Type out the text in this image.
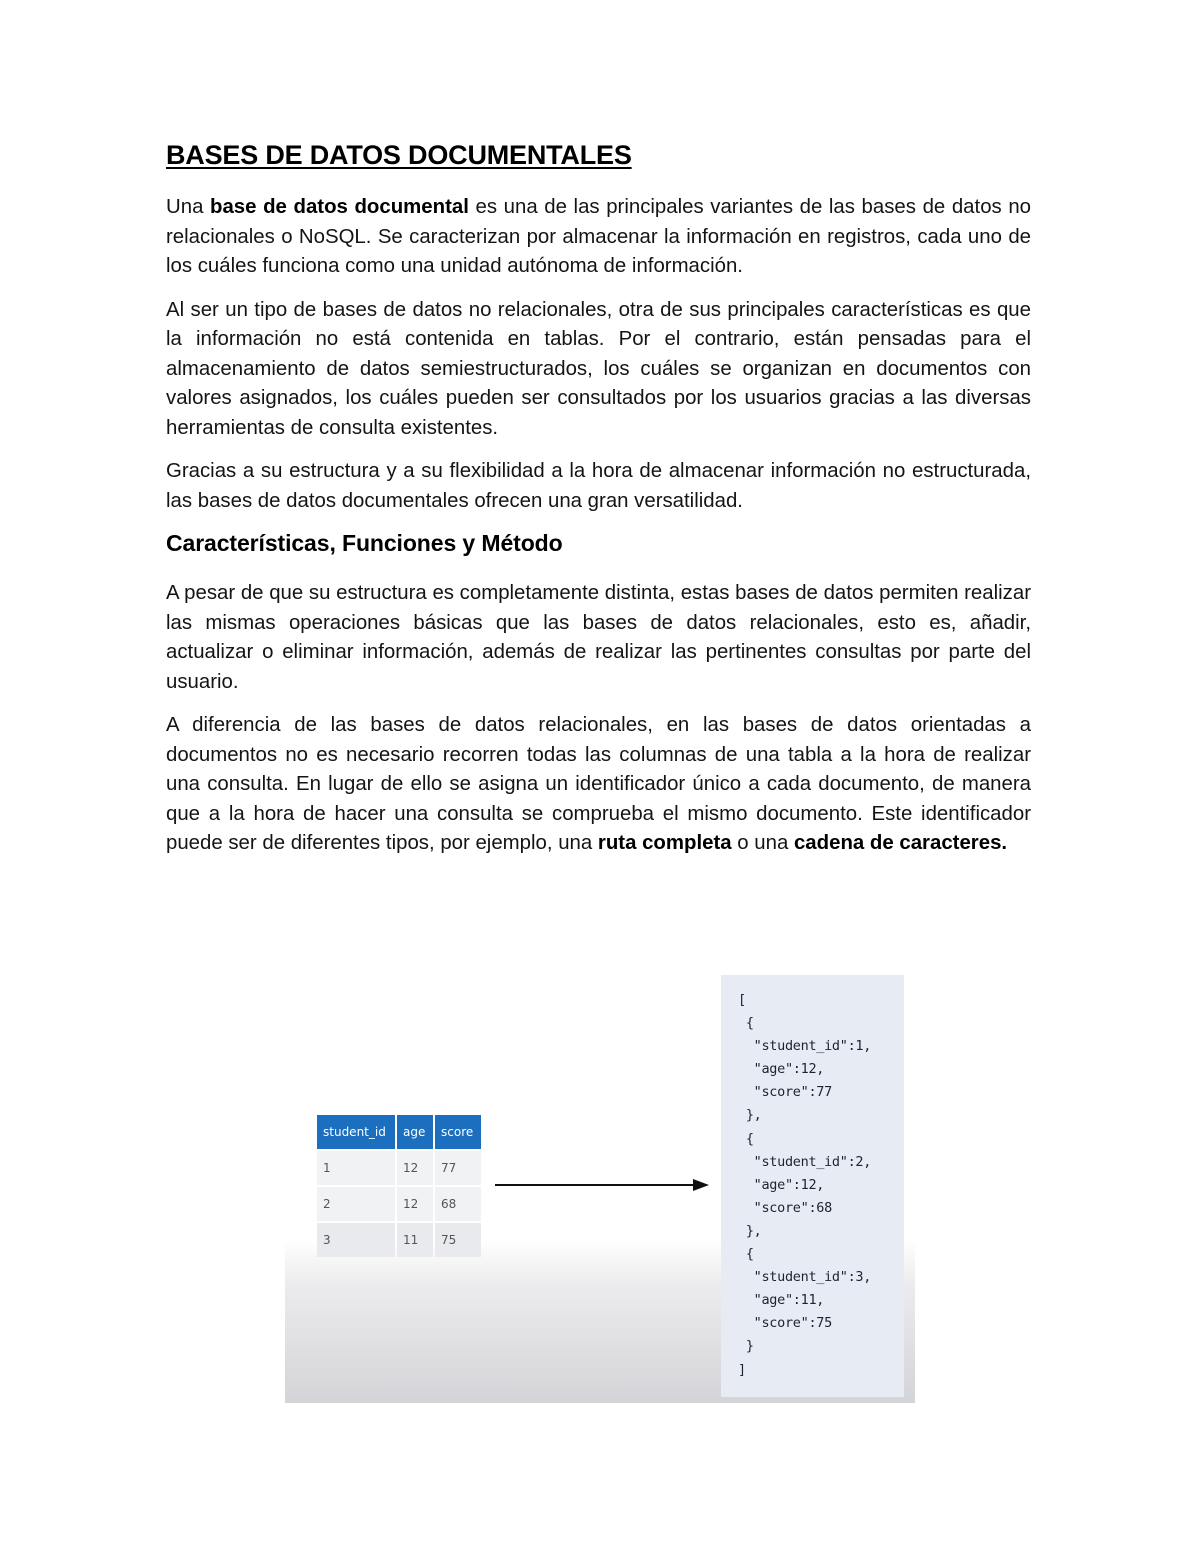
BASES DE DATOS DOCUMENTALES

Una base de datos documental es una de las principales variantes de las bases de datos no relacionales o NoSQL. Se caracterizan por almacenar la información en registros, cada uno de los cuáles funciona como una unidad autónoma de información.

Al ser un tipo de bases de datos no relacionales, otra de sus principales características es que la información no está contenida en tablas. Por el contrario, están pensadas para el almacenamiento de datos semiestructurados, los cuáles se organizan en documentos con valores asignados, los cuáles pueden ser consultados por los usuarios gracias a las diversas herramientas de consulta existentes.

Gracias a su estructura y a su flexibilidad a la hora de almacenar información no estructurada, las bases de datos documentales ofrecen una gran versatilidad.

Características, Funciones y Método

A pesar de que su estructura es completamente distinta, estas bases de datos permiten realizar las mismas operaciones básicas que las bases de datos relacionales, esto es, añadir, actualizar o eliminar información, además de realizar las pertinentes consultas por parte del usuario.

A diferencia de las bases de datos relacionales, en las bases de datos orientadas a documentos no es necesario recorren todas las columnas de una tabla a la hora de realizar una consulta. En lugar de ello se asigna un identificador único a cada documento, de manera que a la hora de hacer una consulta se comprueba el mismo documento. Este identificador puede ser de diferentes tipos, por ejemplo, una ruta completa o una cadena de caracteres.

student_id	age	score
1	12	77
2	12	68
3	11	75
[
{
"student_id":1,
"age":12,
"score":77
},
{
"student_id":2,
"age":12,
"score":68
},
{
"student_id":3,
"age":11,
"score":75
}
]
